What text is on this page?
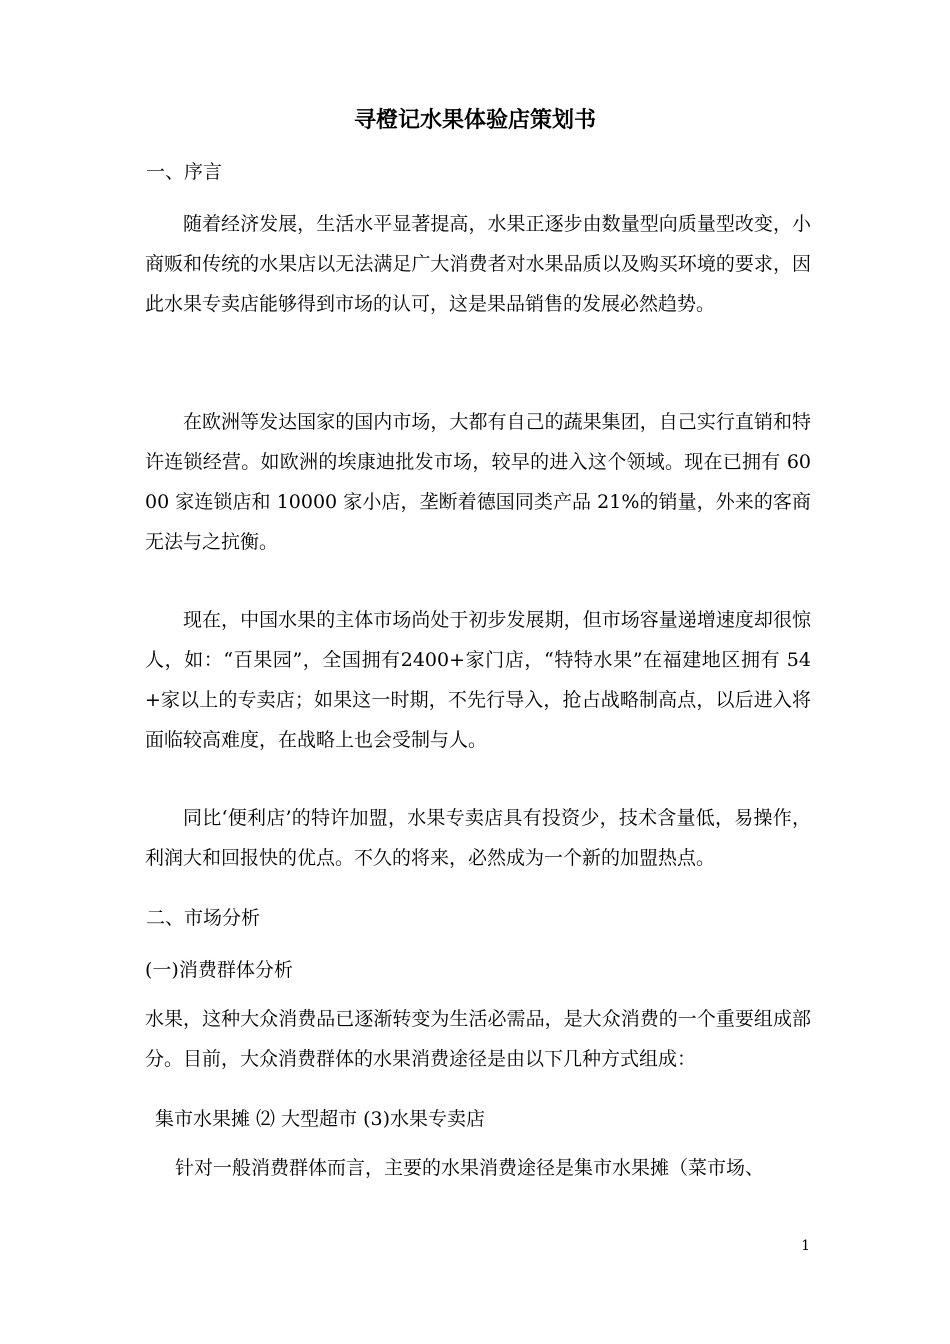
寻橙记水果体验店策划书

一、序言

随着经济发展，生活水平显著提高，水果正逐步由数量型向质量型改变，小商贩和传统的水果店以无法满足广大消费者对水果品质以及购买环境的要求，因此水果专卖店能够得到市场的认可，这是果品销售的发展必然趋势。

在欧洲等发达国家的国内市场，大都有自己的蔬果集团，自己实行直销和特许连锁经营。如欧洲的埃康迪批发市场，较早的进入这个领域。现在已拥有 6000 家连锁店和 10000 家小店，垄断着德国同类产品 21%的销量，外来的客商无法与之抗衡。

现在，中国水果的主体市场尚处于初步发展期，但市场容量递增速度却很惊人，如：“百果园”，全国拥有2400+家门店，“特特水果”在福建地区拥有 54+家以上的专卖店；如果这一时期，不先行导入，抢占战略制高点，以后进入将面临较高难度，在战略上也会受制与人。

同比‘便利店’的特许加盟，水果专卖店具有投资少，技术含量低，易操作，利润大和回报快的优点。不久的将来，必然成为一个新的加盟热点。

二、市场分析

(一)消费群体分析

水果，这种大众消费品已逐渐转变为生活必需品，是大众消费的一个重要组成部分。目前，大众消费群体的水果消费途径是由以下几种方式组成：

集市水果摊 ⑵ 大型超市 (3)水果专卖店

针对一般消费群体而言，主要的水果消费途径是集市水果摊（菜市场、

1
